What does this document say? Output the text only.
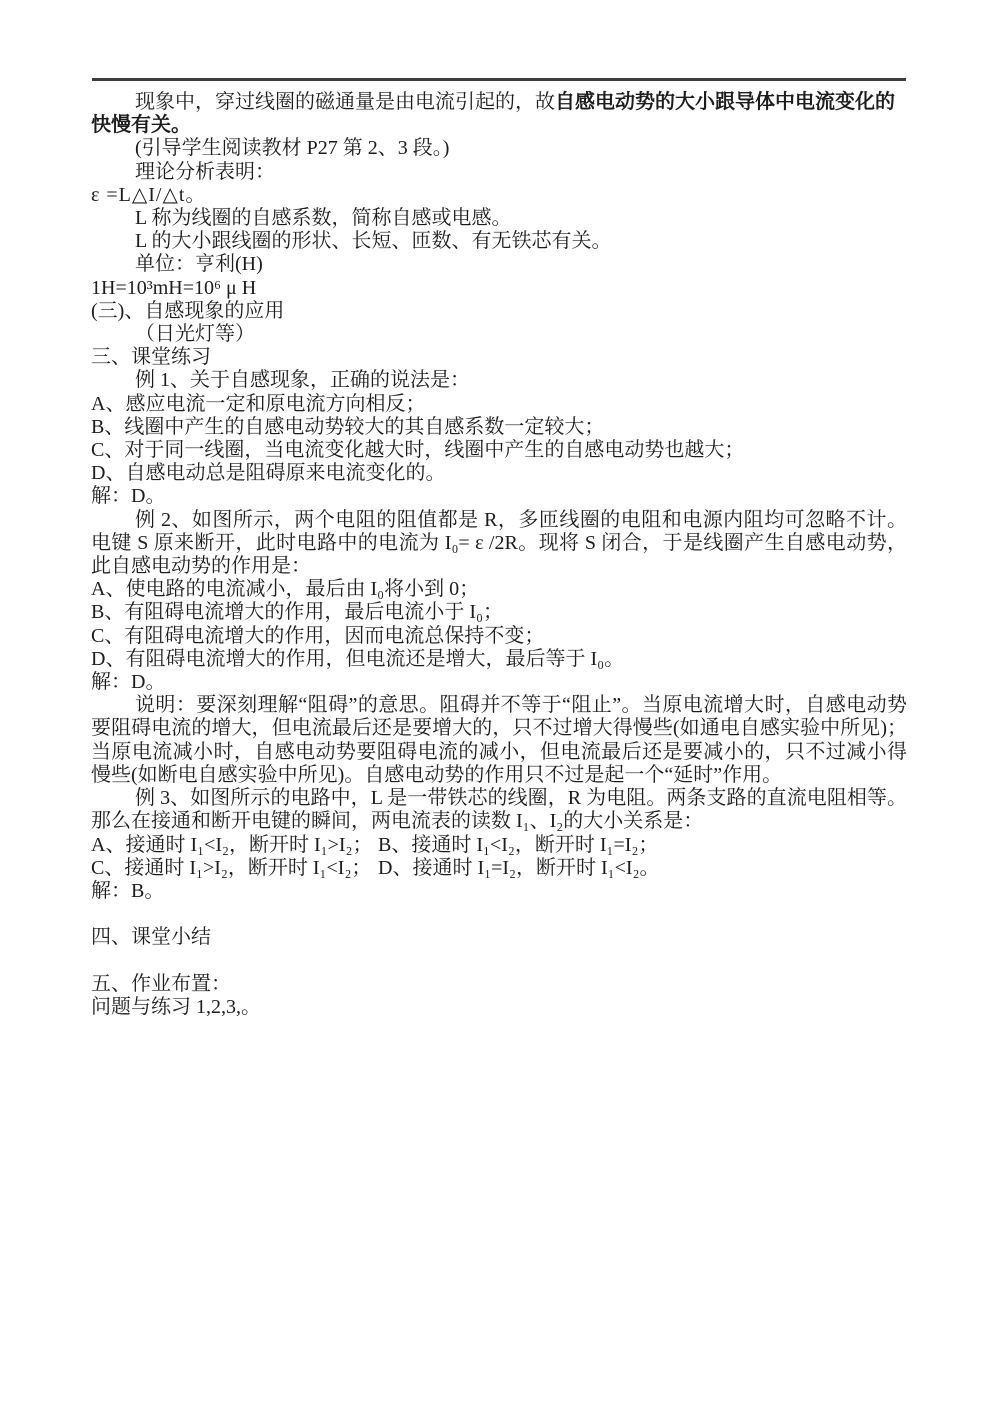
现象中，穿过线圈的磁通量是由电流引起的，故自感电动势的大小跟导体中电流变化的快慢有关。

(引导学生阅读教材 P27 第 2、3 段。)

理论分析表明：

ε =L△I/△t。

L 称为线圈的自感系数，简称自感或电感。

L 的大小跟线圈的形状、长短、匝数、有无铁芯有关。

单位：亨利(H)

1H=10³mH=10⁶ μ H

(三)、自感现象的应用

（日光灯等）

三、课堂练习

例 1、关于自感现象，正确的说法是：

A、感应电流一定和原电流方向相反；

B、线圈中产生的自感电动势较大的其自感系数一定较大；

C、对于同一线圈，当电流变化越大时，线圈中产生的自感电动势也越大；

D、自感电动总是阻碍原来电流变化的。

解：D。

例 2、如图所示，两个电阻的阻值都是 R，多匝线圈的电阻和电源内阻均可忽略不计。电键 S 原来断开，此时电路中的电流为 I₀= ε /2R。现将 S 闭合，于是线圈产生自感电动势，此自感电动势的作用是：

A、使电路的电流减小，最后由 I₀将小到 0；

B、有阻碍电流增大的作用，最后电流小于 I₀；

C、有阻碍电流增大的作用，因而电流总保持不变；

D、有阻碍电流增大的作用，但电流还是增大，最后等于 I₀。

解：D。

说明：要深刻理解“阻碍”的意思。阻碍并不等于“阻止”。当原电流增大时，自感电动势要阻碍电流的增大，但电流最后还是要增大的，只不过增大得慢些(如通电自感实验中所见)；当原电流减小时，自感电动势要阻碍电流的减小，但电流最后还是要减小的，只不过减小得慢些(如断电自感实验中所见)。自感电动势的作用只不过是起一个“延时”作用。

例 3、如图所示的电路中，L 是一带铁芯的线圈，R 为电阻。两条支路的直流电阻相等。那么在接通和断开电键的瞬间，两电流表的读数 I₁、I₂的大小关系是：

A、接通时 I₁<I₂，断开时 I₁>I₂； B、接通时 I₁<I₂，断开时 I₁=I₂；
C、接通时 I₁>I₂，断开时 I₁<I₂； D、接通时 I₁=I₂，断开时 I₁<I₂。

解：B。

四、课堂小结
五、作业布置：

问题与练习 1,2,3,。
